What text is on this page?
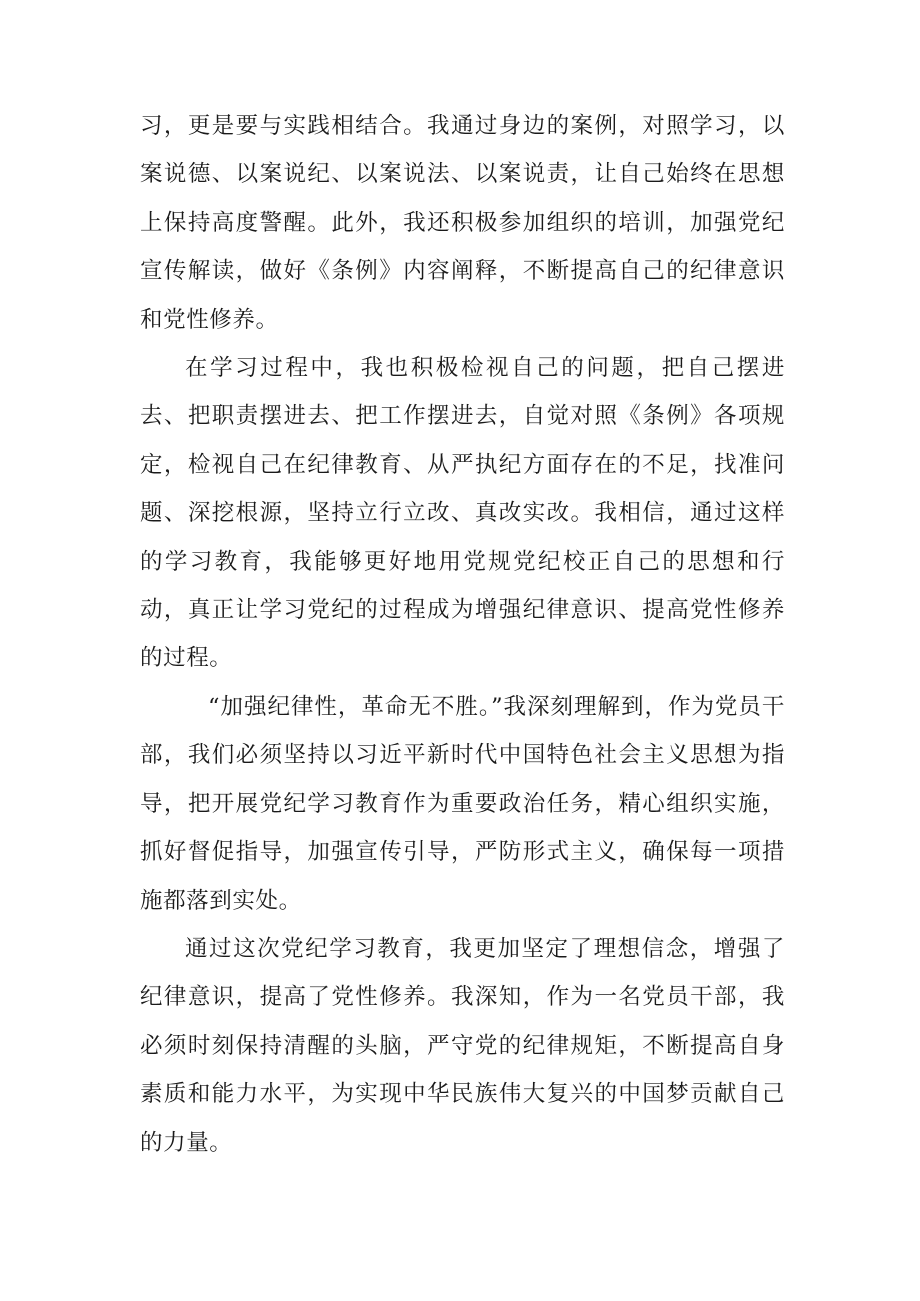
习，更是要与实践相结合。我通过身边的案例，对照学习，以案说德、以案说纪、以案说法、以案说责，让自己始终在思想上保持高度警醒。此外，我还积极参加组织的培训，加强党纪宣传解读，做好《条例》内容阐释，不断提高自己的纪律意识和党性修养。

在学习过程中，我也积极检视自己的问题，把自己摆进去、把职责摆进去、把工作摆进去，自觉对照《条例》各项规定，检视自己在纪律教育、从严执纪方面存在的不足，找准问题、深挖根源，坚持立行立改、真改实改。我相信，通过这样的学习教育，我能够更好地用党规党纪校正自己的思想和行动，真正让学习党纪的过程成为增强纪律意识、提高党性修养的过程。

“加强纪律性，革命无不胜。”我深刻理解到，作为党员干部，我们必须坚持以习近平新时代中国特色社会主义思想为指导，把开展党纪学习教育作为重要政治任务，精心组织实施，抓好督促指导，加强宣传引导，严防形式主义，确保每一项措施都落到实处。

通过这次党纪学习教育，我更加坚定了理想信念，增强了纪律意识，提高了党性修养。我深知，作为一名党员干部，我必须时刻保持清醒的头脑，严守党的纪律规矩，不断提高自身素质和能力水平，为实现中华民族伟大复兴的中国梦贡献自己的力量。
